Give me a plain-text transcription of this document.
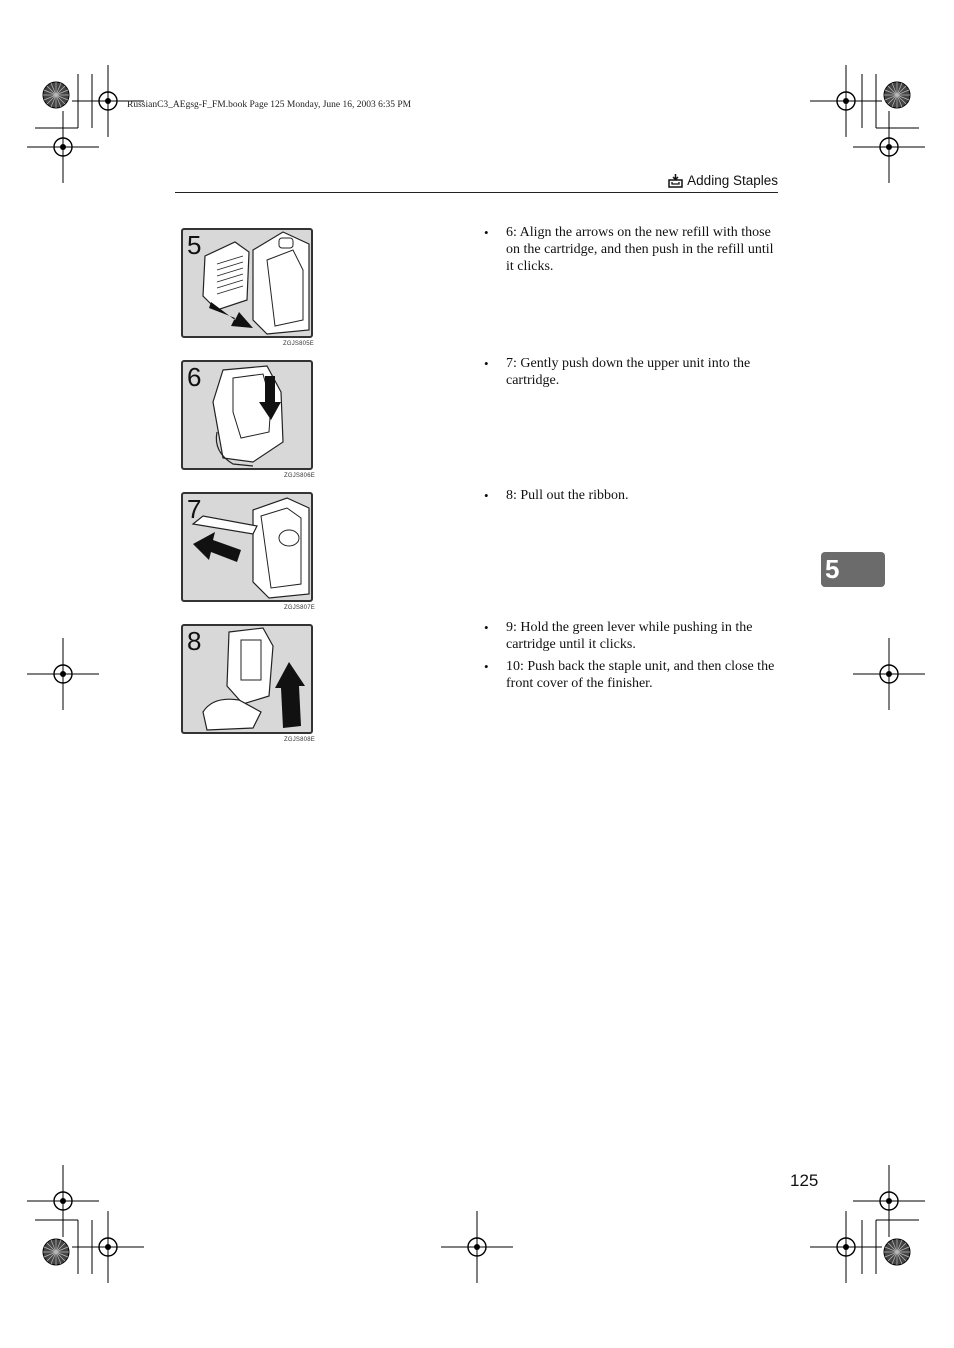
RussianC3_AEgsg-F_FM.book Page 125 Monday, June 16, 2003 6:35 PM
Adding Staples
5
ZGJS805E
6
ZGJS806E
7
ZGJS807E
8
ZGJS808E
• 6: Align the arrows on the new refill with those on the cartridge, and then push in the refill until it clicks.
• 7: Gently push down the upper unit into the cartridge.
• 8: Pull out the ribbon.
• 9: Hold the green lever while pushing in the cartridge until it clicks.
• 10: Push back the staple unit, and then close the front cover of the finisher.
5
125
